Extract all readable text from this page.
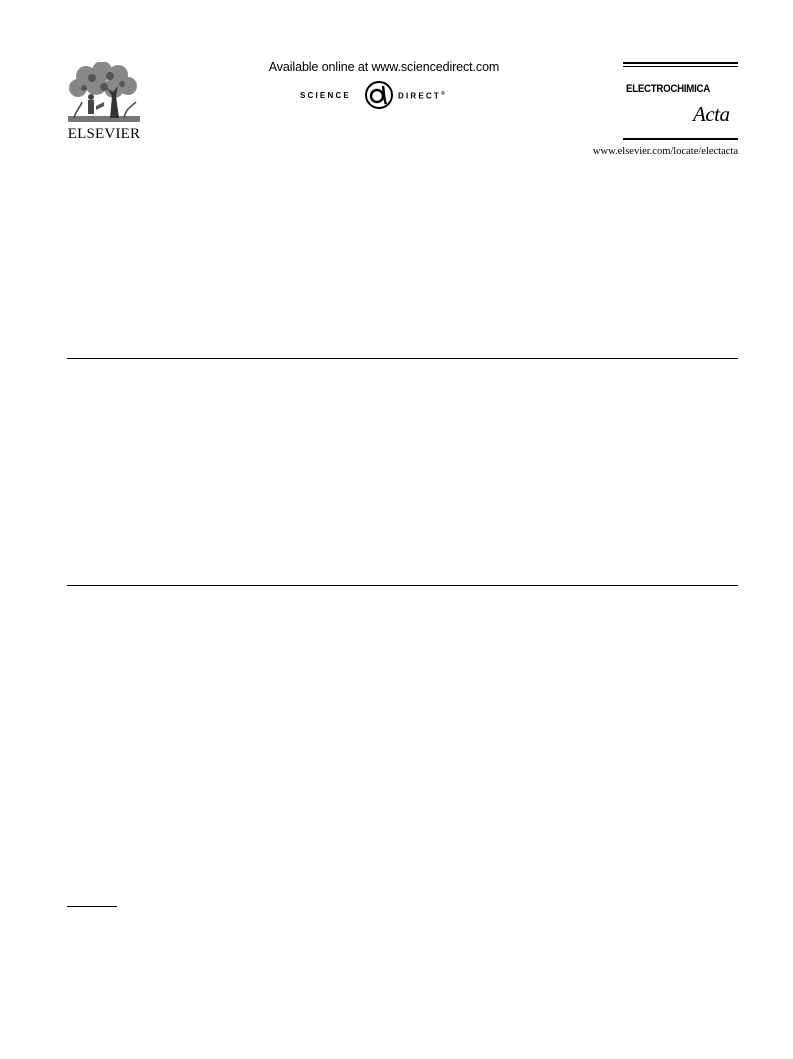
ELSEVIER
Available online at www.sciencedirect.com
SCIENCE	DIRECT®	ELECTROCHIMICA
Acta
www.elsevier.com/locate/electacta
